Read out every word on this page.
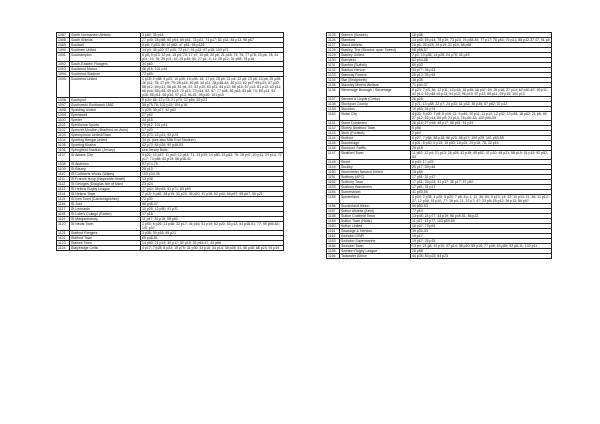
1087	South Normanton Athletic	3 p60; 35 p18
1088	South Shields	27 p40; 28 p55; 60 p54; 69 p51, 73 p22, 74 p17; 81 p31; 84 p13; 98 p67
1089	Southall	5 p6; 7 p53; 80 14 p82; 47 p51; 55 p126
1090	Southam United	14 p3; 45 p20; 57 p20; 72 p17; 91 p22; 97 p18; 103 p71
1091	Southampton	6 p8; 9 p13; 12 p4; 15 p4; 70; 17 p7; 19 p8; 20 p6; 21 p45; 73; 75; 77 p78; 23 p6; 78; 24 p11; 22; 76; 25 p11; 42; 26 p45; 50; 27 p1; 4; 11; 28 p12; 31 p58; 78 p16
1092	South-Eastern Rangers	34 p60
1093	Southend Manor	46 p15; 101 p16
1094	Southend Stadium	72 p69
1095	Southend United	1 p18; 2 p58; 5 p20; 10 p35; 15 p33; 16; 17 p4; 20 p9; 21 p4; 22 p8; 23 p8; 24 p6; 25 p28; 26 p11; 78; 27 p9; 79; 28 p18; 30 p8; 34 p11; 38 p38-44; 40 p13; 62 p47; 65 p23; 67 p32; 68 p12; 69 p11; 58 p8; 51 p4; 67; 62 p10; 63 p11; 64 p12; 66 p16; 67 p13; 81 p12; 63 p11; 66 p44; 68 p18; 69 p13; 70 p13; 73 p14; 62; 67; 77 p48; 82 p63; 83 p8; 74; 89 p14; 92 p16; 95 p14; 96 p14; 97 p13; 94-51; 99 p10; 101 p10
1096	Southport	8 p34; 66; 17 p73; 21 p79; 37 p54; 52 p23
1097	Southwick/ Southwick 1882	36 p75-78; 102 p15; 104 p16
1098	Spalding United	1 p29; 39 p27; 52 p62
1099	Speedwell	27 p52
1100	Spelter	44 p15
1101	Spelthorne Sports	76 p12; 101 p31
1102	Spencer Moulton (Bradford-on-Avon)	17 p20
1103	Spennymoor United/Town	21 p70; 42 p21; 92 p23
1104	Sporting Bengal United	34 p1 (see also Mile End Stadium)
1105	Sporting Khalsa	42 p70; 84 p16; 90 p48-53
1106	Springfield Stadium (Jersey)	see Jersey Bulls
1107	St Albans City	9 p20; 16 p47; 11 p42; 12 p64; 71; 13 p33; 14 p80; 15 p63; 76; 16 p47; 20 p11; 23 p14; 72 p17; 73 p86; 83 p19; 85 p38-41
1108	St Andrews	87 p74-75
1109	St Blazey	28 p10
1110	St Cuthberts Works (Wales)	103 p34-35
1111	St Francis Hosp (Haywards Heath)	13 p38
1112	St Georges (Douglas Isle of Man)	23 p24
1113	St Helens Rugby League	17 p44; 38 p63; 51 p71; 83 p50
1114	St Helens Town	7 p15; 9 p62; 38 p19; 31 p20; 35 p20; 41 p18; 62 p44; 66 p67; 95 p67; 96 p21
1115	St Ives Town (Cambridgeshire)	72 p30
1116	St Just	86 p45-47
1117	St Leonards	10 p28; 12 p50; 91 p21
1118	St Luke's College (Exeter)	17 p16
1119	St Margaretsbury	11 p47; 30 p15; 58 p50
1120	St Neots Town	1 p53; 6 p26; 21 p46; 32 p17; 44 p16; 51 p19; 52 p20; 53 p13; 54 p48-51; 77; 95 p59-63; 101 p37
1121	Stafford Rangers	3 p38; 39 p16; 49 p21
1122	Stafford Town	65 p48-51
1123	Staines Town	14 p50; 21 p13; 30 p17; 32 p15; 33 p44-47; 42 p66
1124	Stalybridge Celtic	4 p17; 7 p28; 8 p33; 15 p75; 31 p30; 33 p16; 34 p14; 38 p28; 51; 56 p48; 88 p23; 91 p19
1125	Stamco (Sussex)	16 p38
1126	Stamford	13 p40; 65 p14; 78 p19, 73 p23; 76 p38-45; 77 p17; 78 p50; 79 p21; 88 p32-37 47; 91 p5
1127	Stand Athletic	26 p4; 26 p18; 29 p19; 31 p19; 88 p68
1128	Stanley, The (Berwick upon Tweed)	98 p58-57
1129	Stanley United	7 p2; 10 p38; 14 p28; 24 p78; 34 p15
1130	Stansfeld	62 p44-58
1131	Stanton (Suffolk)	60 p33
1132	Stanton Hervon	33 p77; 36 p13
1133	Stanway Rovers	25 p10; 35 p15
1134	Star (Bridgnorth)	38 p35
1135	Staveley Miners Welfare	71 p34-37
1136	Stevenage Borough / Stevenage	6 p23; 7 p3; 46; 12 p11; 13 p18; 15 p45; 16 p47; 69; 25 p16; 27 p14; 62 p40-67; 90 p11; 92 p14; 92 p48-93 p13; 94 p12; 96 p19; 97 p12; 98 p11; 99 p10; 100 p10
1137	Stewart & Lloyds (Corby)	26 p25
1138	Stockport County	2 p71; 13 p38; 22 p7; 24 p33; 31 p32; 35 p35; 87 p52; 37 p12
1139	Stockton	19 p53; 31 p74
1140	Stoke City	4 p33; 5 p20; 7 p8; 8 p15; 11; 9 p40; 10 p11; 11 p14; 12 p32; 13 p35; 18 p62; 21 p6; 45; 27 p12; 52 p14; 56 p9; 73 p14; 76 p30-33; 100 p50-59
1141	Stone Dominoes	26 p16; 27 p18; 46 p17; 58 p51; 51 p19
1142	Stoney Stratford Town	5 p56
1143	Stork (Purfleet)	2 p64
1144	Stotfold	6 p27; 7 p58; 58 p18; 96 p20; 98 p17; 100 p25; 101 p53-55
1145	Stourbridge	4 p31; 6 p40; 9 p15; 15 p53; 18 p21; 29 p15; 78; 32 p15
1146	Stourport Swifts	29 p18
1147	Stratford Town	11 p52; 12 p4; 21 p13; 26 p28; 42 p18; 45 p52; 47 p20; 49 p21; 58 p19; 91 p19; 92 p52-53
1148	Street	6 p40; 17 p25
1149	Studley	29 p17; 39 p16
1150	Sturminster Newton United	18 p85
1151	Sudbury (AFC)	17 p51; 31 p17
1152	Sudbury Town	17 p51; 26 p24; 31 p17; 36 p17; 47 p50
1153	Sudbury Wanderers	17 p51; 31 p17
1154	Sumerstown	41 p60-55
1155	Sunderland	1 p54; 2 p35; 4 p25; 5 p20; 7 p8; 8 p 1; 12, 36, 84; 9 p13, 14; 22; 10 p10, 11, 36; 11 p14; 27; 12 p36; 15 p10; 77; 18 p4; 21; 22 p7; 47; 23 p8; 25 p12; 36 p13; 86 p67
1156	Sunderland Albion	59 p50-53
1157	Sutton Athletic (Kent)	77 p14
1158	Sutton Coldfield Town	13 p45; 24 p77; 34 p19; 56 p49-51; 86 p22
1159	Sutton Town (Notts)	11 p27; 13 p77; 103 p59-59
1160	Sutton United	16 p37; 73 p54
1161	Swanage & Herston	39 p30-33
1162	Swindon GWR	19 p17
1163	Swindon Supermarine	19 p17; 25 p15
1164	Swindon Town	13 p4; 21 p8; 25 p10; 37 p14; 38 p10; 55 p16; 77 p48; 83 p59; 92 p8-11; 102 p11
1165	Swinton Rugby League	26 p58
1166	Tadcaster Albion	44 p35; 83 p23; 84 p23
